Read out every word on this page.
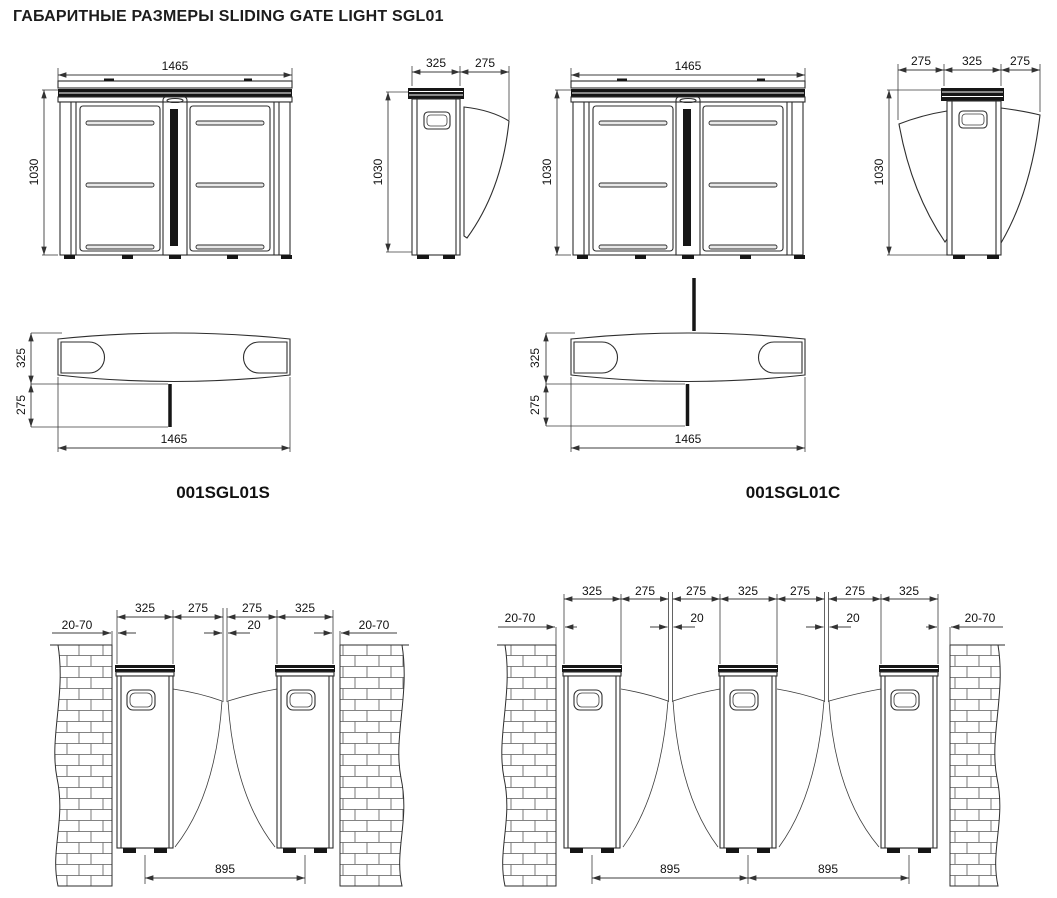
ГАБАРИТНЫЕ РАЗМЕРЫ SLIDING GATE LIGHT SGL01
1465
1030
325 275
1030
1465
1030
275	325 275
1030
325
275
1465
001SGL01S
325
275
1465
001SGL01C
325	275	275	325
20-70	20-70
20
895
325	275	275	325	275	275	325
20-70	20-70
20	20
895	895
